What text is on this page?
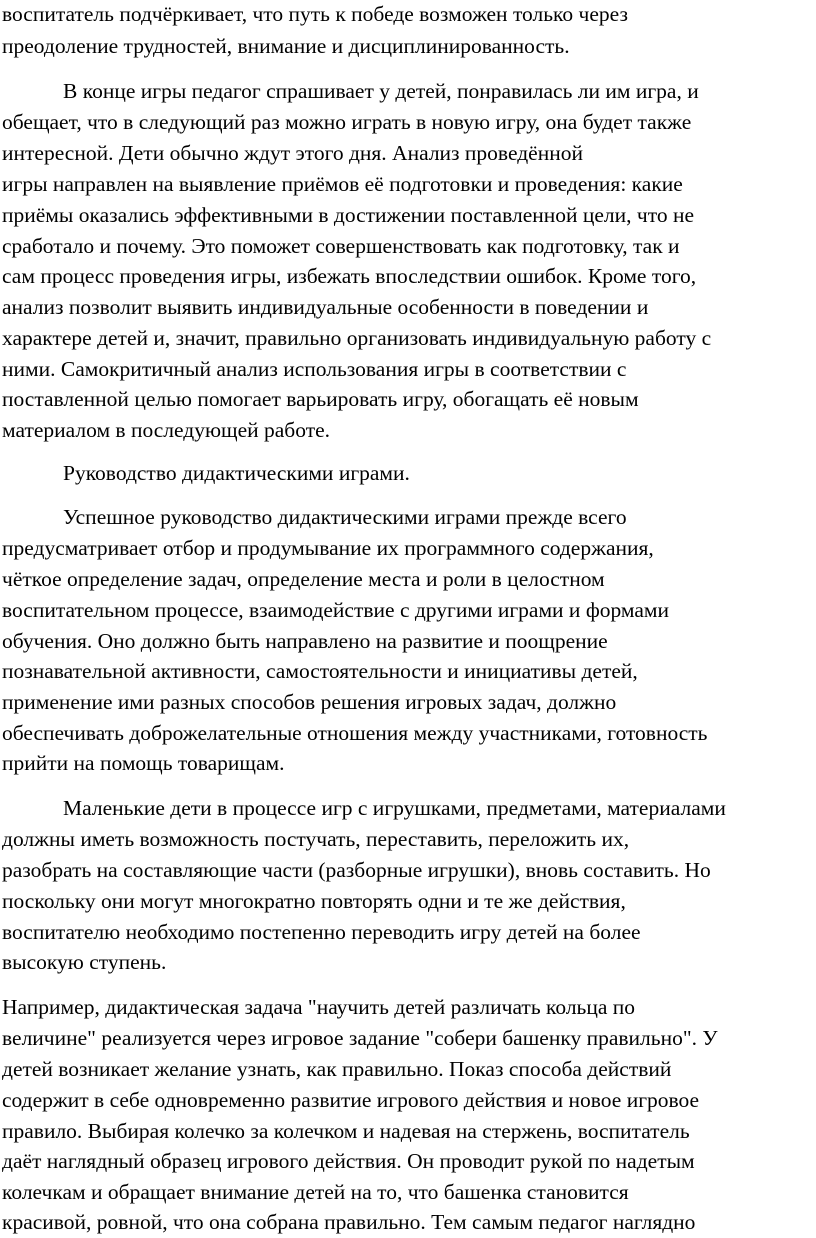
воспитатель подчёркивает, что путь к победе возможен только через
преодоление трудностей, внимание и дисциплинированность.
В конце игры педагог спрашивает у детей, понравилась ли им игра, и
обещает, что в следующий раз можно играть в новую игру, она будет также
интересной. Дети обычно ждут этого дня. Анализ проведённой
игры направлен на выявление приёмов её подготовки и проведения: какие
приёмы оказались эффективными в достижении поставленной цели, что не
сработало и почему. Это поможет совершенствовать как подготовку, так и
сам процесс проведения игры, избежать впоследствии ошибок. Кроме того,
анализ позволит выявить индивидуальные особенности в поведении и
характере детей и, значит, правильно организовать индивидуальную работу с
ними. Самокритичный анализ использования игры в соответствии с
поставленной целью помогает варьировать игру, обогащать её новым
материалом в последующей работе.
Руководство дидактическими играми.
Успешное руководство дидактическими играми прежде всего
предусматривает отбор и продумывание их программного содержания,
чёткое определение задач, определение места и роли в целостном
воспитательном процессе, взаимодействие с другими играми и формами
обучения. Оно должно быть направлено на развитие и поощрение
познавательной активности, самостоятельности и инициативы детей,
применение ими разных способов решения игровых задач, должно
обеспечивать доброжелательные отношения между участниками, готовность
прийти на помощь товарищам.
Маленькие дети в процессе игр с игрушками, предметами, материалами
должны иметь возможность постучать, переставить, переложить их,
разобрать на составляющие части (разборные игрушки), вновь составить. Но
поскольку они могут многократно повторять одни и те же действия,
воспитателю необходимо постепенно переводить игру детей на более
высокую ступень.
Например, дидактическая задача "научить детей различать кольца по
величине" реализуется через игровое задание "собери башенку правильно". У
детей возникает желание узнать, как правильно. Показ способа действий
содержит в себе одновременно развитие игрового действия и новое игровое
правило. Выбирая колечко за колечком и надевая на стержень, воспитатель
даёт наглядный образец игрового действия. Он проводит рукой по надетым
колечкам и обращает внимание детей на то, что башенка становится
красивой, ровной, что она собрана правильно. Тем самым педагог наглядно
